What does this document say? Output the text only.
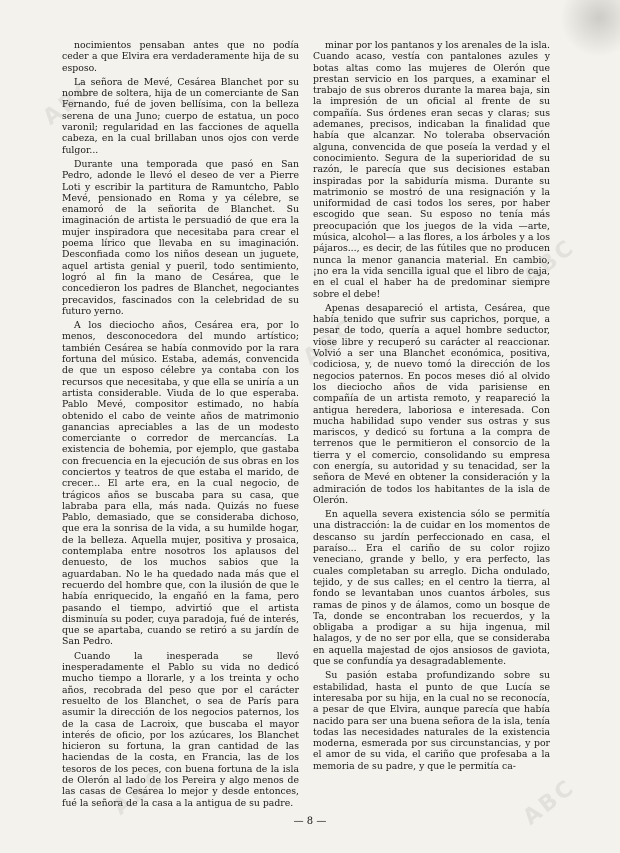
ABC
ABC
ABC
ABC	ABC

nocimientos pensaban antes que no podía ceder a que Elvira era verdaderamente hija de su esposo.

La señora de Mevé, Cesárea Blanchet por su nombre de soltera, hija de un comerciante de San Fernando, fué de joven bellísima, con la belleza serena de una Juno; cuerpo de estatua, un poco varonil; regularidad en las facciones de aquella cabeza, en la cual brillaban unos ojos con verde fulgor...

Durante una temporada que pasó en San Pedro, adonde le llevó el deseo de ver a Pierre Loti y escribir la partitura de Ramuntcho, Pablo Mevé, pensionado en Roma y ya célebre, se enamoró de la señorita de Blanchet. Su imaginación de artista le persuadió de que era la mujer inspiradora que necesitaba para crear el poema lírico que llevaba en su imaginación. Desconfiada como los niños desean un juguete, aquel artista genial y pueril, todo sentimiento, logró al fin la mano de Cesárea, que le concedieron los padres de Blanchet, negociantes precavidos, fascinados con la celebridad de su futuro yerno.

A los dieciocho años, Cesárea era, por lo menos, desconocedora del mundo artístico; también Cesárea se había conmovido por la rara fortuna del músico. Estaba, además, convencida de que un esposo célebre ya contaba con los recursos que necesitaba, y que ella se uniría a un artista considerable. Viuda de lo que esperaba. Pablo Mevé, compositor estimado, no había obtenido el cabo de veinte años de matrimonio ganancias apreciables a las de un modesto comerciante o corredor de mercancías. La existencia de bohemia, por ejemplo, que gastaba con frecuencia en la ejecución de sus obras en los conciertos y teatros de que estaba el marido, de crecer... El arte era, en la cual negocio, de trágicos años se buscaba para su casa, que labraba para ella, más nada. Quizás no fuese Pablo, demasiado, que se consideraba dichoso, que era la sonrisa de la vida, a su humilde hogar, de la belleza. Aquella mujer, positiva y prosaica, contemplaba entre nosotros los aplausos del denuesto, de los muchos sabios que la aguardaban. No le ha quedado nada más que el recuerdo del hombre que, con la ilusión de que le había enriquecido, la engañó en la fama, pero pasando el tiempo, advirtió que el artista disminuía su poder, cuya paradoja, fué de interés, que se apartaba, cuando se retiró a su jardín de San Pedro.

Cuando la inesperada se llevó inesperadamente el Pablo su vida no dedicó mucho tiempo a llorarle, y a los treinta y ocho años, recobrada del peso que por el carácter resuelto de los Blanchet, o sea de París para asumir la dirección de los negocios paternos, los de la casa de Lacroix, que buscaba el mayor interés de oficio, por los azúcares, los Blanchet hicieron su fortuna, la gran cantidad de las haciendas de la costa, en Francia, las de los tesoros de los peces, con buena fortuna de la isla de Olerón al lado de los Pereira y algo menos de las casas de Cesárea lo mejor y desde entonces, fué la señora de la casa a la antigua de su padre.

minar por los pantanos y los arenales de la isla. Cuando acaso, vestía con pantalones azules y botas altas como las mujeres de Olerón que prestan servicio en los parques, a examinar el trabajo de sus obreros durante la marea baja, sin la impresión de un oficial al frente de su compañía. Sus órdenes eran secas y claras; sus ademanes, precisos, indicaban la finalidad que había que alcanzar. No toleraba observación alguna, convencida de que poseía la verdad y el conocimiento. Segura de la superioridad de su razón, le parecía que sus decisiones estaban inspiradas por la sabiduría misma. Durante su matrimonio se mostró de una resignación y la uniformidad de casi todos los seres, por haber escogido que sean. Su esposo no tenía más preocupación que los juegos de la vida —arte, música, alcohol— a las flores, a los árboles y a los pájaros..., es decir, de las fútiles que no producen nunca la menor ganancia material. En cambio, ¡no era la vida sencilla igual que el libro de caja, en el cual el haber ha de predominar siempre sobre el debe!

Apenas desapareció el artista, Cesárea, que había tenido que sufrir sus caprichos, porque, a pesar de todo, quería a aquel hombre seductor, viose libre y recuperó su carácter al reaccionar. Volvió a ser una Blanchet económica, positiva, codiciosa, y, de nuevo tomó la dirección de los negocios paternos. En pocos meses dió al olvido los dieciocho años de vida parisiense en compañía de un artista remoto, y reapareció la antigua heredera, laboriosa e interesada. Con mucha habilidad supo vender sus ostras y sus mariscos, y dedicó su fortuna a la compra de terrenos que le permitieron el consorcio de la tierra y el comercio, consolidando su empresa con energía, su autoridad y su tenacidad, ser la señora de Mevé en obtener la consideración y la admiración de todos los habitantes de la isla de Olerón.

En aquella severa existencia sólo se permitía una distracción: la de cuidar en los momentos de descanso su jardín perfeccionado en casa, el paraíso... Era el cariño de su color rojizo veneciano, grande y bello, y era perfecto, las cuales completaban su arreglo. Dicha ondulado, tejido, y de sus calles; en el centro la tierra, al fondo se levantaban unos cuantos árboles, sus ramas de pinos y de álamos, como un bosque de Ta, donde se encontraban los recuerdos, y la obligaba a prodigar a su hija ingenua, mil halagos, y de no ser por ella, que se consideraba en aquella majestad de ojos ansiosos de gaviota, que se confundía ya desagradablemente.

Su pasión estaba profundizando sobre su estabilidad, hasta el punto de que Lucía se interesaba por su hija, en la cual no se reconocía, a pesar de que Elvira, aunque parecía que había nacido para ser una buena señora de la isla, tenía todas las necesidades naturales de la existencia moderna, esmerada por sus circunstancias, y por el amor de su vida, el cariño que profesaba a la memoria de su padre, y que le permitía ca-

— 8 —
